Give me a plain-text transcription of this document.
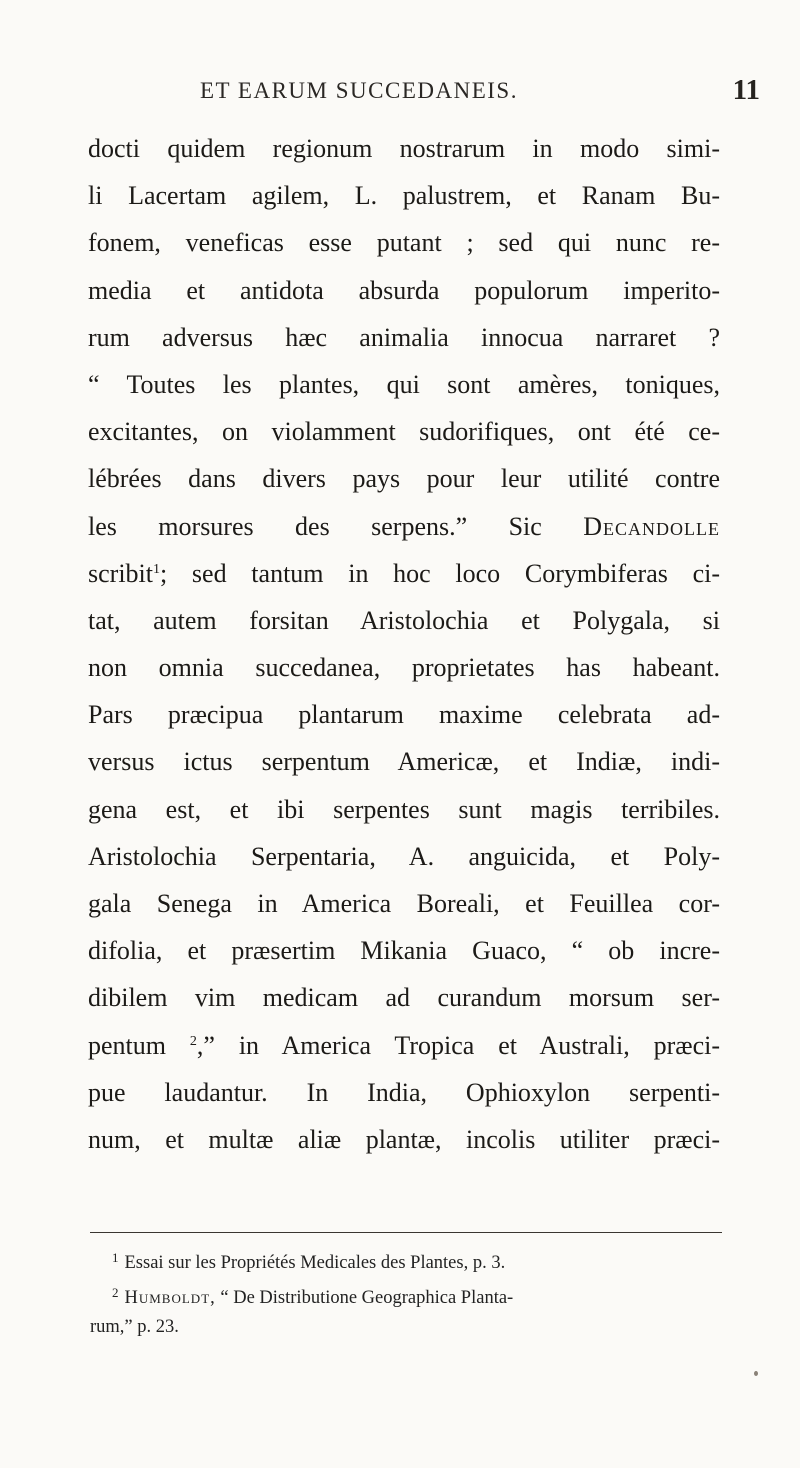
ET EARUM SUCCEDANEIS.	11
docti quidem regionum nostrarum in modo simi-
li Lacertam agilem, L. palustrem, et Ranam Bu-
fonem, veneficas esse putant ; sed qui nunc re-
media et antidota absurda populorum imperito-
rum adversus hæc animalia innocua narraret ?
“ Toutes les plantes, qui sont amères, toniques,
excitantes, on violamment sudorifiques, ont été ce-
lébrées dans divers pays pour leur utilité contre
les morsures des serpens.” Sic Decandolle
scribit$^1$; sed tantum in hoc loco Corymbiferas ci-
tat, autem forsitan Aristolochia et Polygala, si
non omnia succedanea, proprietates has habeant.
Pars præcipua plantarum maxime celebrata ad-
versus ictus serpentum Americæ, et Indiæ, indi-
gena est, et ibi serpentes sunt magis terribiles.
Aristolochia Serpentaria, A. anguicida, et Poly-
gala Senega in America Boreali, et Feuillea cor-
difolia, et præsertim Mikania Guaco, “ ob incre-
dibilem vim medicam ad curandum morsum ser-
pentum $^2$,” in America Tropica et Australi, præci-
pue laudantur. In India, Ophioxylon serpenti-
num, et multæ aliæ plantæ, incolis utiliter præci-
$^1$ Essai sur les Propriétés Medicales des Plantes, p. 3.
$^2$ Humboldt, “ De Distributione Geographica Planta-
rum,” p. 23.
